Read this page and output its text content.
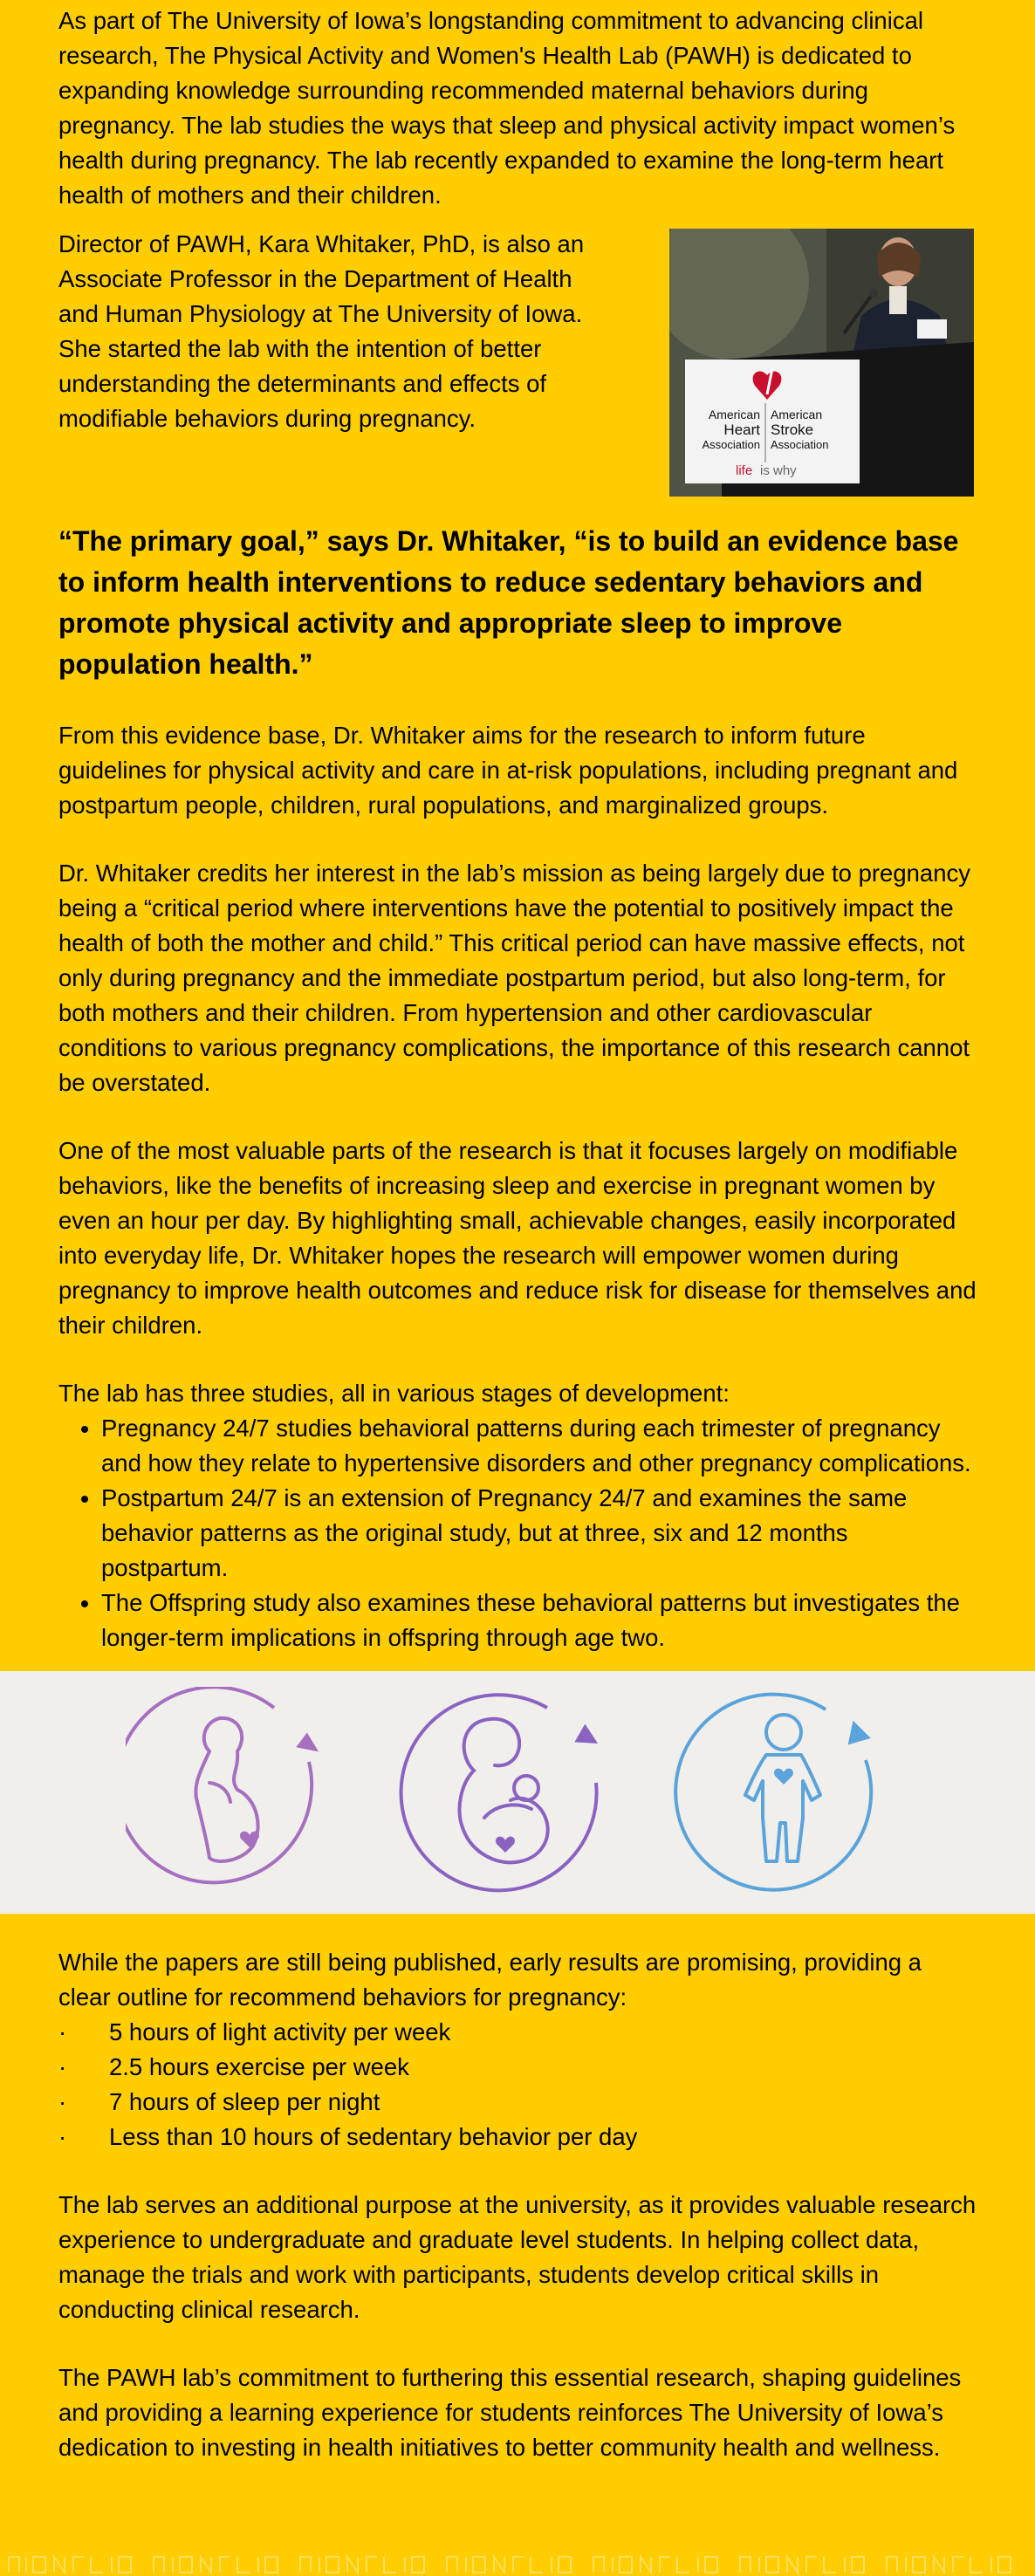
As part of The University of Iowa’s longstanding commitment to advancing clinical research, The Physical Activity and Women's Health Lab (PAWH) is dedicated to expanding knowledge surrounding recommended maternal behaviors during pregnancy. The lab studies the ways that sleep and physical activity impact women’s health during pregnancy. The lab recently expanded to examine the long-term heart health of mothers and their children.

Director of PAWH, Kara Whitaker, PhD, is also an Associate Professor in the Department of Health and Human Physiology at The University of Iowa. She started the lab with the intention of better understanding the determinants and effects of modifiable behaviors during pregnancy.	American
Heart
Association
American
Stroke
Association
life is why

“The primary goal,” says Dr. Whitaker, “is to build an evidence base to inform health interventions to reduce sedentary behaviors and promote physical activity and appropriate sleep to improve population health.”

From this evidence base, Dr. Whitaker aims for the research to inform future guidelines for physical activity and care in at-risk populations, including pregnant and postpartum people, children, rural populations, and marginalized groups.

Dr. Whitaker credits her interest in the lab’s mission as being largely due to pregnancy being a “critical period where interventions have the potential to positively impact the health of both the mother and child.” This critical period can have massive effects, not only during pregnancy and the immediate postpartum period, but also long-term, for both mothers and their children. From hypertension and other cardiovascular conditions to various pregnancy complications, the importance of this research cannot be overstated.

One of the most valuable parts of the research is that it focuses largely on modifiable behaviors, like the benefits of increasing sleep and exercise in pregnant women by even an hour per day. By highlighting small, achievable changes, easily incorporated into everyday life, Dr. Whitaker hopes the research will empower women during pregnancy to improve health outcomes and reduce risk for disease for themselves and their children.

The lab has three studies, all in various stages of development:

• Pregnancy 24/7 studies behavioral patterns during each trimester of pregnancy and how they relate to hypertensive disorders and other pregnancy complications.
• Postpartum 24/7 is an extension of Pregnancy 24/7 and examines the same behavior patterns as the original study, but at three, six and 12 months postpartum.
• The Offspring study also examines these behavioral patterns but investigates the longer-term implications in offspring through age two.

While the papers are still being published, early results are promising, providing a clear outline for recommend behaviors for pregnancy:

·	5 hours of light activity per week
·	2.5 hours exercise per week
·	7 hours of sleep per night
·	Less than 10 hours of sedentary behavior per day

The lab serves an additional purpose at the university, as it provides valuable research experience to undergraduate and graduate level students. In helping collect data, manage the trials and work with participants, students develop critical skills in conducting clinical research.

The PAWH lab’s commitment to furthering this essential research, shaping guidelines and providing a learning experience for students reinforces The University of Iowa’s dedication to investing in health initiatives to better community health and wellness.
